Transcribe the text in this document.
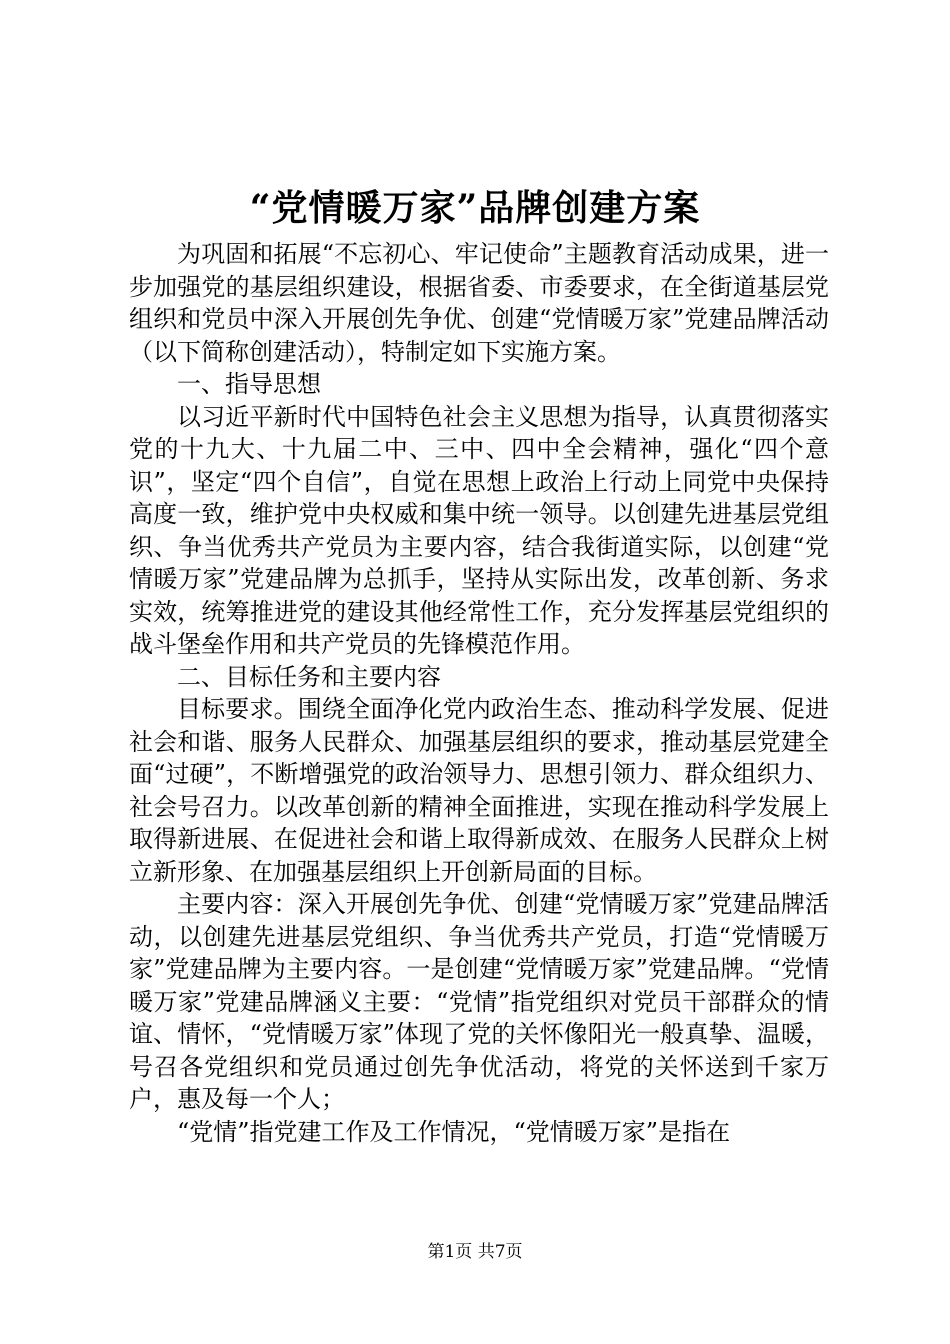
“党情暖万家”品牌创建方案

为巩固和拓展“不忘初心、牢记使命”主题教育活动成果，进一步加强党的基层组织建设，根据省委、市委要求，在全街道基层党组织和党员中深入开展创先争优、创建“党情暖万家”党建品牌活动（以下简称创建活动），特制定如下实施方案。

一、指导思想

以习近平新时代中国特色社会主义思想为指导，认真贯彻落实党的十九大、十九届二中、三中、四中全会精神，强化“四个意识”，坚定“四个自信”，自觉在思想上政治上行动上同党中央保持高度一致，维护党中央权威和集中统一领导。以创建先进基层党组织、争当优秀共产党员为主要内容，结合我街道实际，以创建“党情暖万家”党建品牌为总抓手，坚持从实际出发，改革创新、务求实效，统筹推进党的建设其他经常性工作，充分发挥基层党组织的战斗堡垒作用和共产党员的先锋模范作用。

二、目标任务和主要内容

目标要求。围绕全面净化党内政治生态、推动科学发展、促进社会和谐、服务人民群众、加强基层组织的要求，推动基层党建全面“过硬”，不断增强党的政治领导力、思想引领力、群众组织力、社会号召力。以改革创新的精神全面推进，实现在推动科学发展上取得新进展、在促进社会和谐上取得新成效、在服务人民群众上树立新形象、在加强基层组织上开创新局面的目标。

主要内容：深入开展创先争优、创建“党情暖万家”党建品牌活动，以创建先进基层党组织、争当优秀共产党员，打造“党情暖万家”党建品牌为主要内容。一是创建“党情暖万家”党建品牌。“党情暖万家”党建品牌涵义主要：“党情”指党组织对党员干部群众的情谊、情怀，“党情暖万家”体现了党的关怀像阳光一般真挚、温暖，号召各党组织和党员通过创先争优活动，将党的关怀送到千家万户，惠及每一个人；

“党情”指党建工作及工作情况，“党情暖万家”是指在

第1页 共7页
